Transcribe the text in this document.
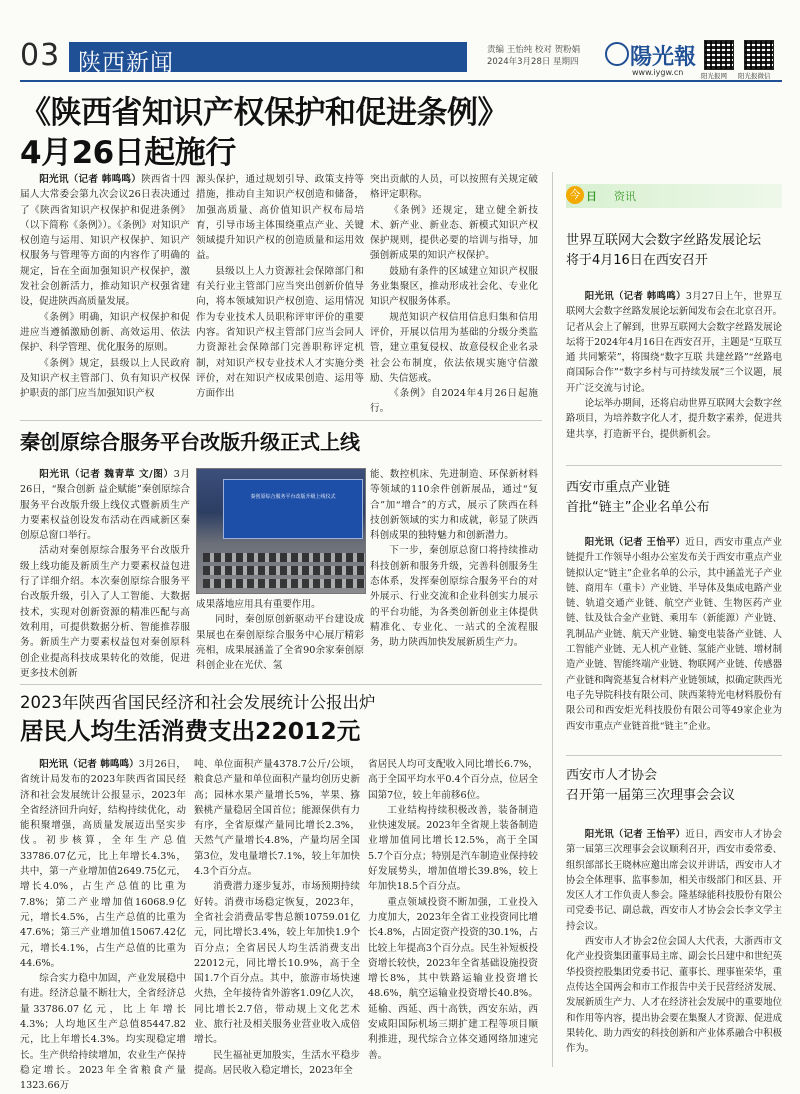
03 陕西新闻	责编 王怡纯 校对 贺粉娟
2024年3月28日 星期四 陽光報
www.iygw.cn	阳光报网 阳光报微信
《陕西省知识产权保护和促进条例》
4月26日起施行

阳光讯（记者 韩鸣鸣）陕西省十四届人大常委会第九次会议26日表决通过了《陕西省知识产权保护和促进条例》（以下简称《条例》）。《条例》对知识产权创造与运用、知识产权保护、知识产权服务与管理等方面的内容作了明确的规定，旨在全面加强知识产权保护，激发社会创新活力，推动知识产权强省建设，促进陕西高质量发展。

《条例》明确，知识产权保护和促进应当遵循激励创新、高效运用、依法保护、科学管理、优化服务的原则。

《条例》规定，县级以上人民政府及知识产权主管部门、负有知识产权保护职责的部门应当加强知识产权

源头保护，通过规划引导、政策支持等措施，推动自主知识产权创造和储备，加强高质量、高价值知识产权布局培育，引导市场主体围绕重点产业、关键领域提升知识产权的创造质量和运用效益。

县级以上人力资源社会保障部门和有关行业主管部门应当突出创新价值导向，将本领域知识产权创造、运用情况作为专业技术人员职称评审评价的重要内容。省知识产权主管部门应当会同人力资源社会保障部门完善职称评定机制，对知识产权专业技术人才实施分类评价，对在知识产权成果创造、运用等方面作出

突出贡献的人员，可以按照有关规定破格评定职称。

《条例》还规定，建立健全新技术、新产业、新业态、新模式知识产权保护规则，提供必要的培训与指导，加强创新成果的知识产权保护。

鼓励有条件的区域建立知识产权服务业集聚区，推动形成社会化、专业化知识产权服务体系。

规范知识产权信用信息归集和信用评价，开展以信用为基础的分级分类监管，建立重复侵权、故意侵权企业名录社会公布制度，依法依规实施守信激励、失信惩戒。

《条例》自2024年4月26日起施行。

秦创原综合服务平台改版升级正式上线

阳光讯（记者 魏青草 文/图）3月26日，“聚合创新 益企赋能”秦创原综合服务平台改版升级上线仪式暨新质生产力要素权益创设发布活动在西咸新区秦创原总窗口举行。

活动对秦创原综合服务平台改版升级上线功能及新质生产力要素权益包进行了详细介绍。本次秦创原综合服务平台改版升级，引入了人工智能、大数据技术，实现对创新资源的精准匹配与高效利用，可提供数据分析、智能推荐服务。新质生产力要素权益包对秦创原科创企业提高科技成果转化的效能，促进更多技术创新

秦创原综合服务平台改版升级上线仪式

成果落地应用具有重要作用。

同时，秦创原创新驱动平台建设成果展也在秦创原综合服务中心展厅精彩亮相，成果展涵盖了全省90余家秦创原科创企业在光伏、氢

能、数控机床、先进制造、环保新材料等领域的110余件创新展品，通过“复合”加“增合”的方式，展示了陕西在科技创新领域的实力和成就，彰显了陕西科创成果的独特魅力和创新潜力。

下一步，秦创原总窗口将持续推动科技创新和服务升级，完善科创服务生态体系，发挥秦创原综合服务平台的对外展示、行业交流和企业科创实力展示的平台功能，为各类创新创业主体提供精准化、专业化、一站式的全流程服务，助力陕西加快发展新质生产力。

2023年陕西省国民经济和社会发展统计公报出炉
居民人均生活消费支出22012元

阳光讯（记者 韩鸣鸣）3月26日，省统计局发布的2023年陕西省国民经济和社会发展统计公报显示，2023年全省经济回升向好，结构持续优化，动能积聚增强，高质量发展迈出坚实步伐。初步核算，全年生产总值33786.07亿元，比上年增长4.3%，共中，第一产业增加值2649.75亿元，增长4.0%，占生产总值的比重为7.8%；第二产业增加值16068.9亿元，增长4.5%，占生产总值的比重为47.6%；第三产业增加值15067.42亿元，增长4.1%，占生产总值的比重为44.6%。

综合实力稳中加固，产业发展稳中有进。经济总量不断壮大，全省经济总量33786.07亿元，比上年增长4.3%；人均地区生产总值85447.82元，比上年增长4.3%。均实现稳定增长。生产供给持续增加，农业生产保持稳定增长。2023年全省粮食产量1323.66万

吨、单位面积产量4378.7公斤/公顷，粮食总产量和单位面积产量均创历史新高；园林水果产量增长5%，苹果、猕猴桃产量稳居全国首位；能源保供有力有序，全省原煤产量同比增长2.3%，天然气产量增长4.8%，产量均居全国第3位，发电量增长7.1%，较上年加快4.3个百分点。

消费潜力逐步复苏，市场预期持续好转。消费市场稳定恢复，2023年，全省社会消费品零售总额10759.01亿元，同比增长3.4%，较上年加快1.9个百分点；全省居民人均生活消费支出22012元，同比增长10.9%，高于全国1.7个百分点。其中，旅游市场快速火热，全年接待省外游客1.09亿人次，同比增长2.7倍，带动规上文化艺术业、旅行社及相关服务业营业收入成倍增长。

民生福祉更加殷实，生活水平稳步提高。居民收入稳定增长，2023年全

省居民人均可支配收入同比增长6.7%，高于全国平均水平0.4个百分点，位居全国第7位，较上年前移6位。

工业结构持续积极改善，装备制造业快速发展。2023年全省规上装备制造业增加值同比增长12.5%，高于全国5.7个百分点；特别是汽车制造业保持较好发展势头，增加值增长39.8%，较上年加快18.5个百分点。

重点领域投资不断加强，工业投入力度加大，2023年全省工业投资同比增长4.8%，占固定资产投资的30.1%，占比较上年提高3个百分点。民生补短板投资增长较快，2023年全省基础设施投资增长8%，其中铁路运输业投资增长48.6%，航空运输业投资增长40.8%。延榆、西延、西十高铁，西安东站，西安咸阳国际机场三期扩建工程等项目顺利推进，现代综合立体交通网络加速完善。

今 日 资讯
世界互联网大会数字丝路发展论坛
将于4月16日在西安召开

阳光讯（记者 韩鸣鸣）3月27日上午，世界互联网大会数字丝路发展论坛新闻发布会在北京召开。记者从会上了解到，世界互联网大会数字丝路发展论坛将于2024年4月16日在西安召开，主题是“互联互通 共同繁荣”，将围绕“数字互联 共建丝路”“丝路电商国际合作”“数字乡村与可持续发展”三个议题，展开广泛交流与讨论。

论坛举办期间，还将启动世界互联网大会数字丝路项目，为培养数字化人才，提升数字素养，促进共建共享，打造新平台，提供新机会。

西安市重点产业链
首批“链主”企业名单公布

阳光讯（记者 王怡平）近日，西安市重点产业链提升工作领导小组办公室发布关于西安市重点产业链拟认定“链主”企业名单的公示，其中涵盖光子产业链、商用车（重卡）产业链、半导体及集成电路产业链、轨道交通产业链、航空产业链、生物医药产业链、钛及钛合金产业链、乘用车（新能源）产业链、乳制品产业链、航天产业链、输变电装备产业链、人工智能产业链、无人机产业链、氢能产业链、增材制造产业链、智能终端产业链、物联网产业链、传感器产业链和陶瓷基复合材料产业链领域，拟确定陕西光电子先导院科技有限公司、陕西莱特光电材料股份有限公司和西安炬光科技股份有限公司等49家企业为西安市重点产业链首批“链主”企业。

西安市人才协会
召开第一届第三次理事会会议

阳光讯（记者 王怡平）近日，西安市人才协会第一届第三次理事会会议顺利召开，西安市委常委、组织部部长王晓林应邀出席会议并讲话，西安市人才协会全体理事、监事参加，相关市级部门和区县、开发区人才工作负责人参会。隆基绿能科技股份有限公司党委书记、副总裁，西安市人才协会会长李文学主持会议。

西安市人才协会2位会国人大代表，大浙西市文化产业投资集团董事局主席、副会长吕建中和世纪英华投资控股集团党委书记、董事长、理事崔荣华，重点传达全国两会和市工作报告中关于民营经济发展、发展新质生产力、人才在经济社会发展中的重要地位和作用等内容，提出协会要在集聚人才资源、促进成果转化、助力西安的科技创新和产业体系融合中积极作为。
